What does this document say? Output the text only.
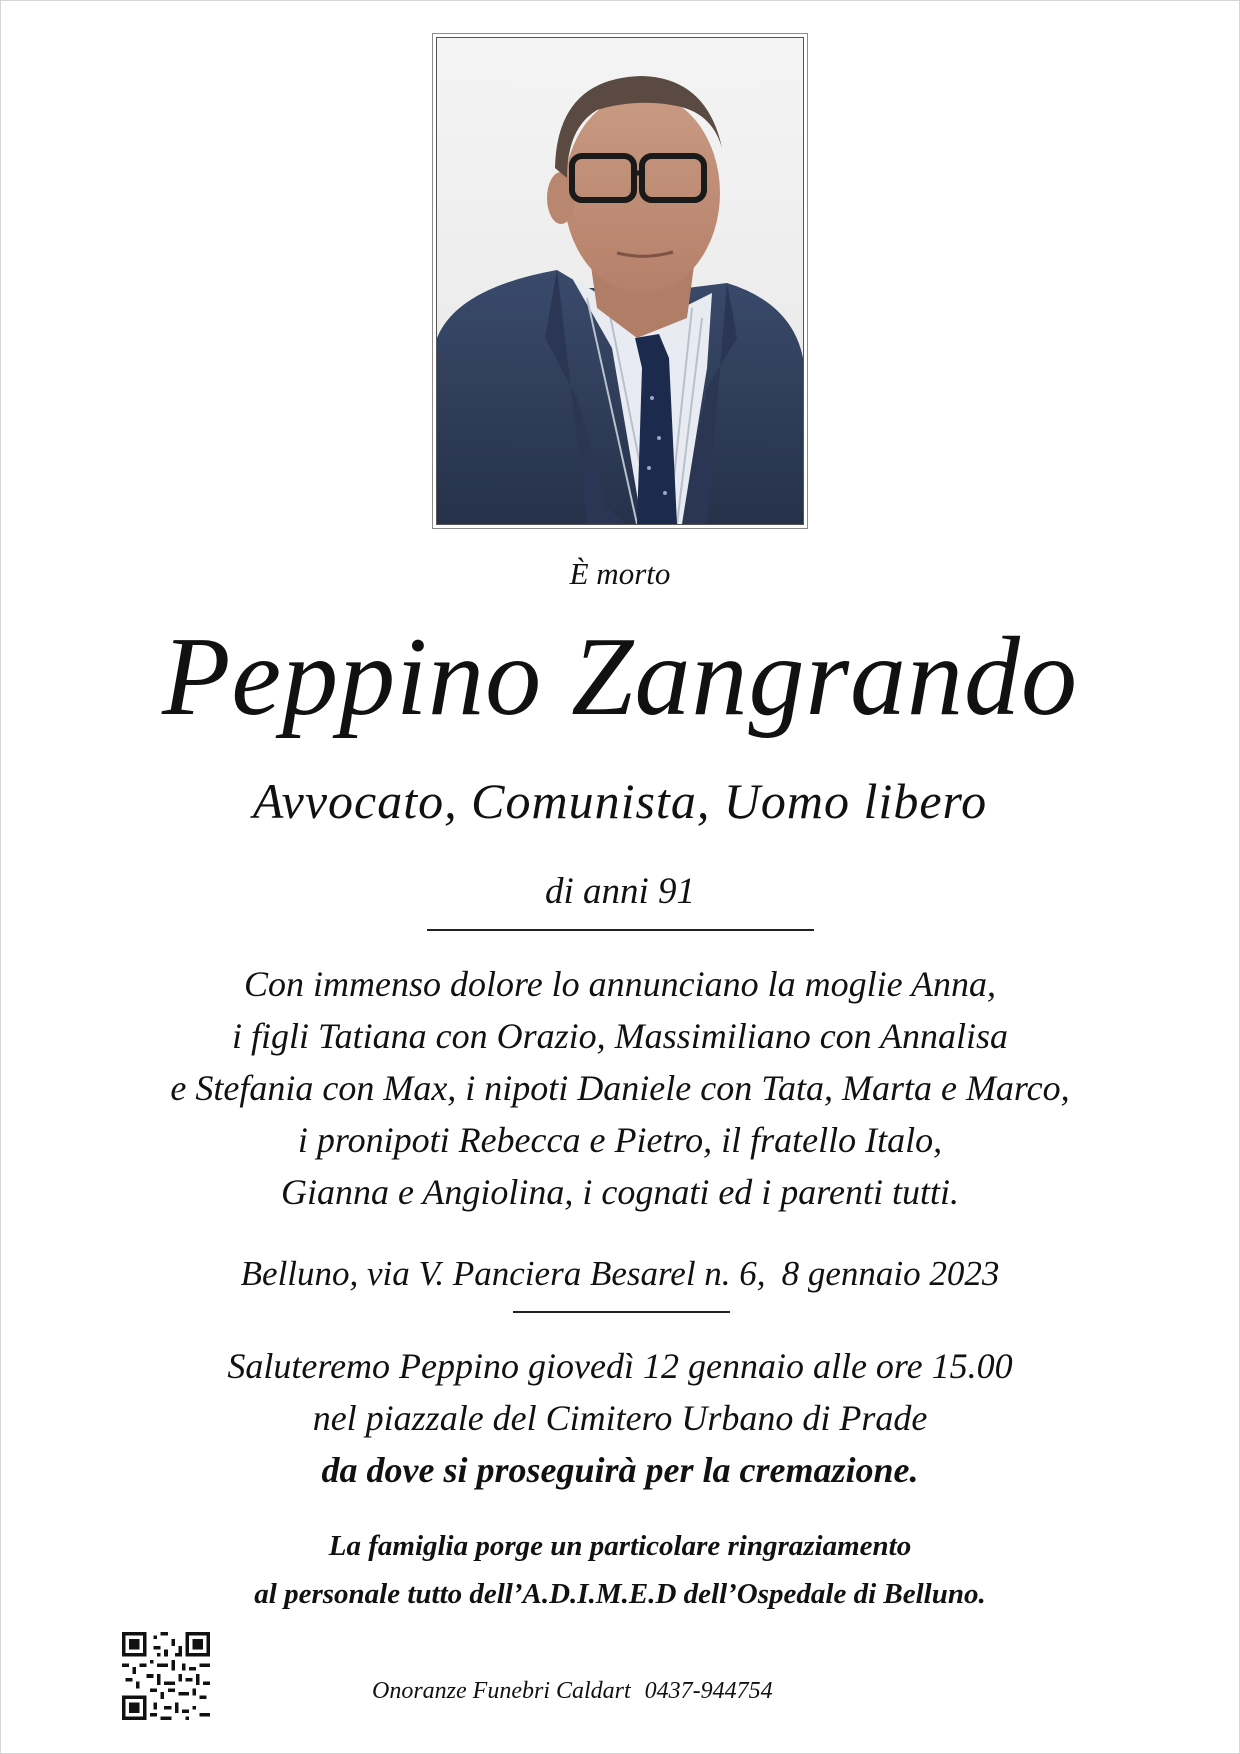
È morto
Peppino Zangrando
Avvocato, Comunista, Uomo libero
di anni 91
Con immenso dolore lo annunciano la moglie Anna,
i figli Tatiana con Orazio, Massimiliano con Annalisa
e Stefania con Max, i nipoti Daniele con Tata, Marta e Marco,
i pronipoti Rebecca e Pietro, il fratello Italo,
Gianna e Angiolina, i cognati ed i parenti tutti.
Belluno, via V. Panciera Besarel n. 6, 8 gennaio 2023
Saluteremo Peppino giovedì 12 gennaio alle ore 15.00
nel piazzale del Cimitero Urbano di Prade
da dove si proseguirà per la cremazione.
La famiglia porge un particolare ringraziamento
al personale tutto dell’A.D.I.M.E.D dell’Ospedale di Belluno.
Onoranze Funebri Caldart 0437-944754
